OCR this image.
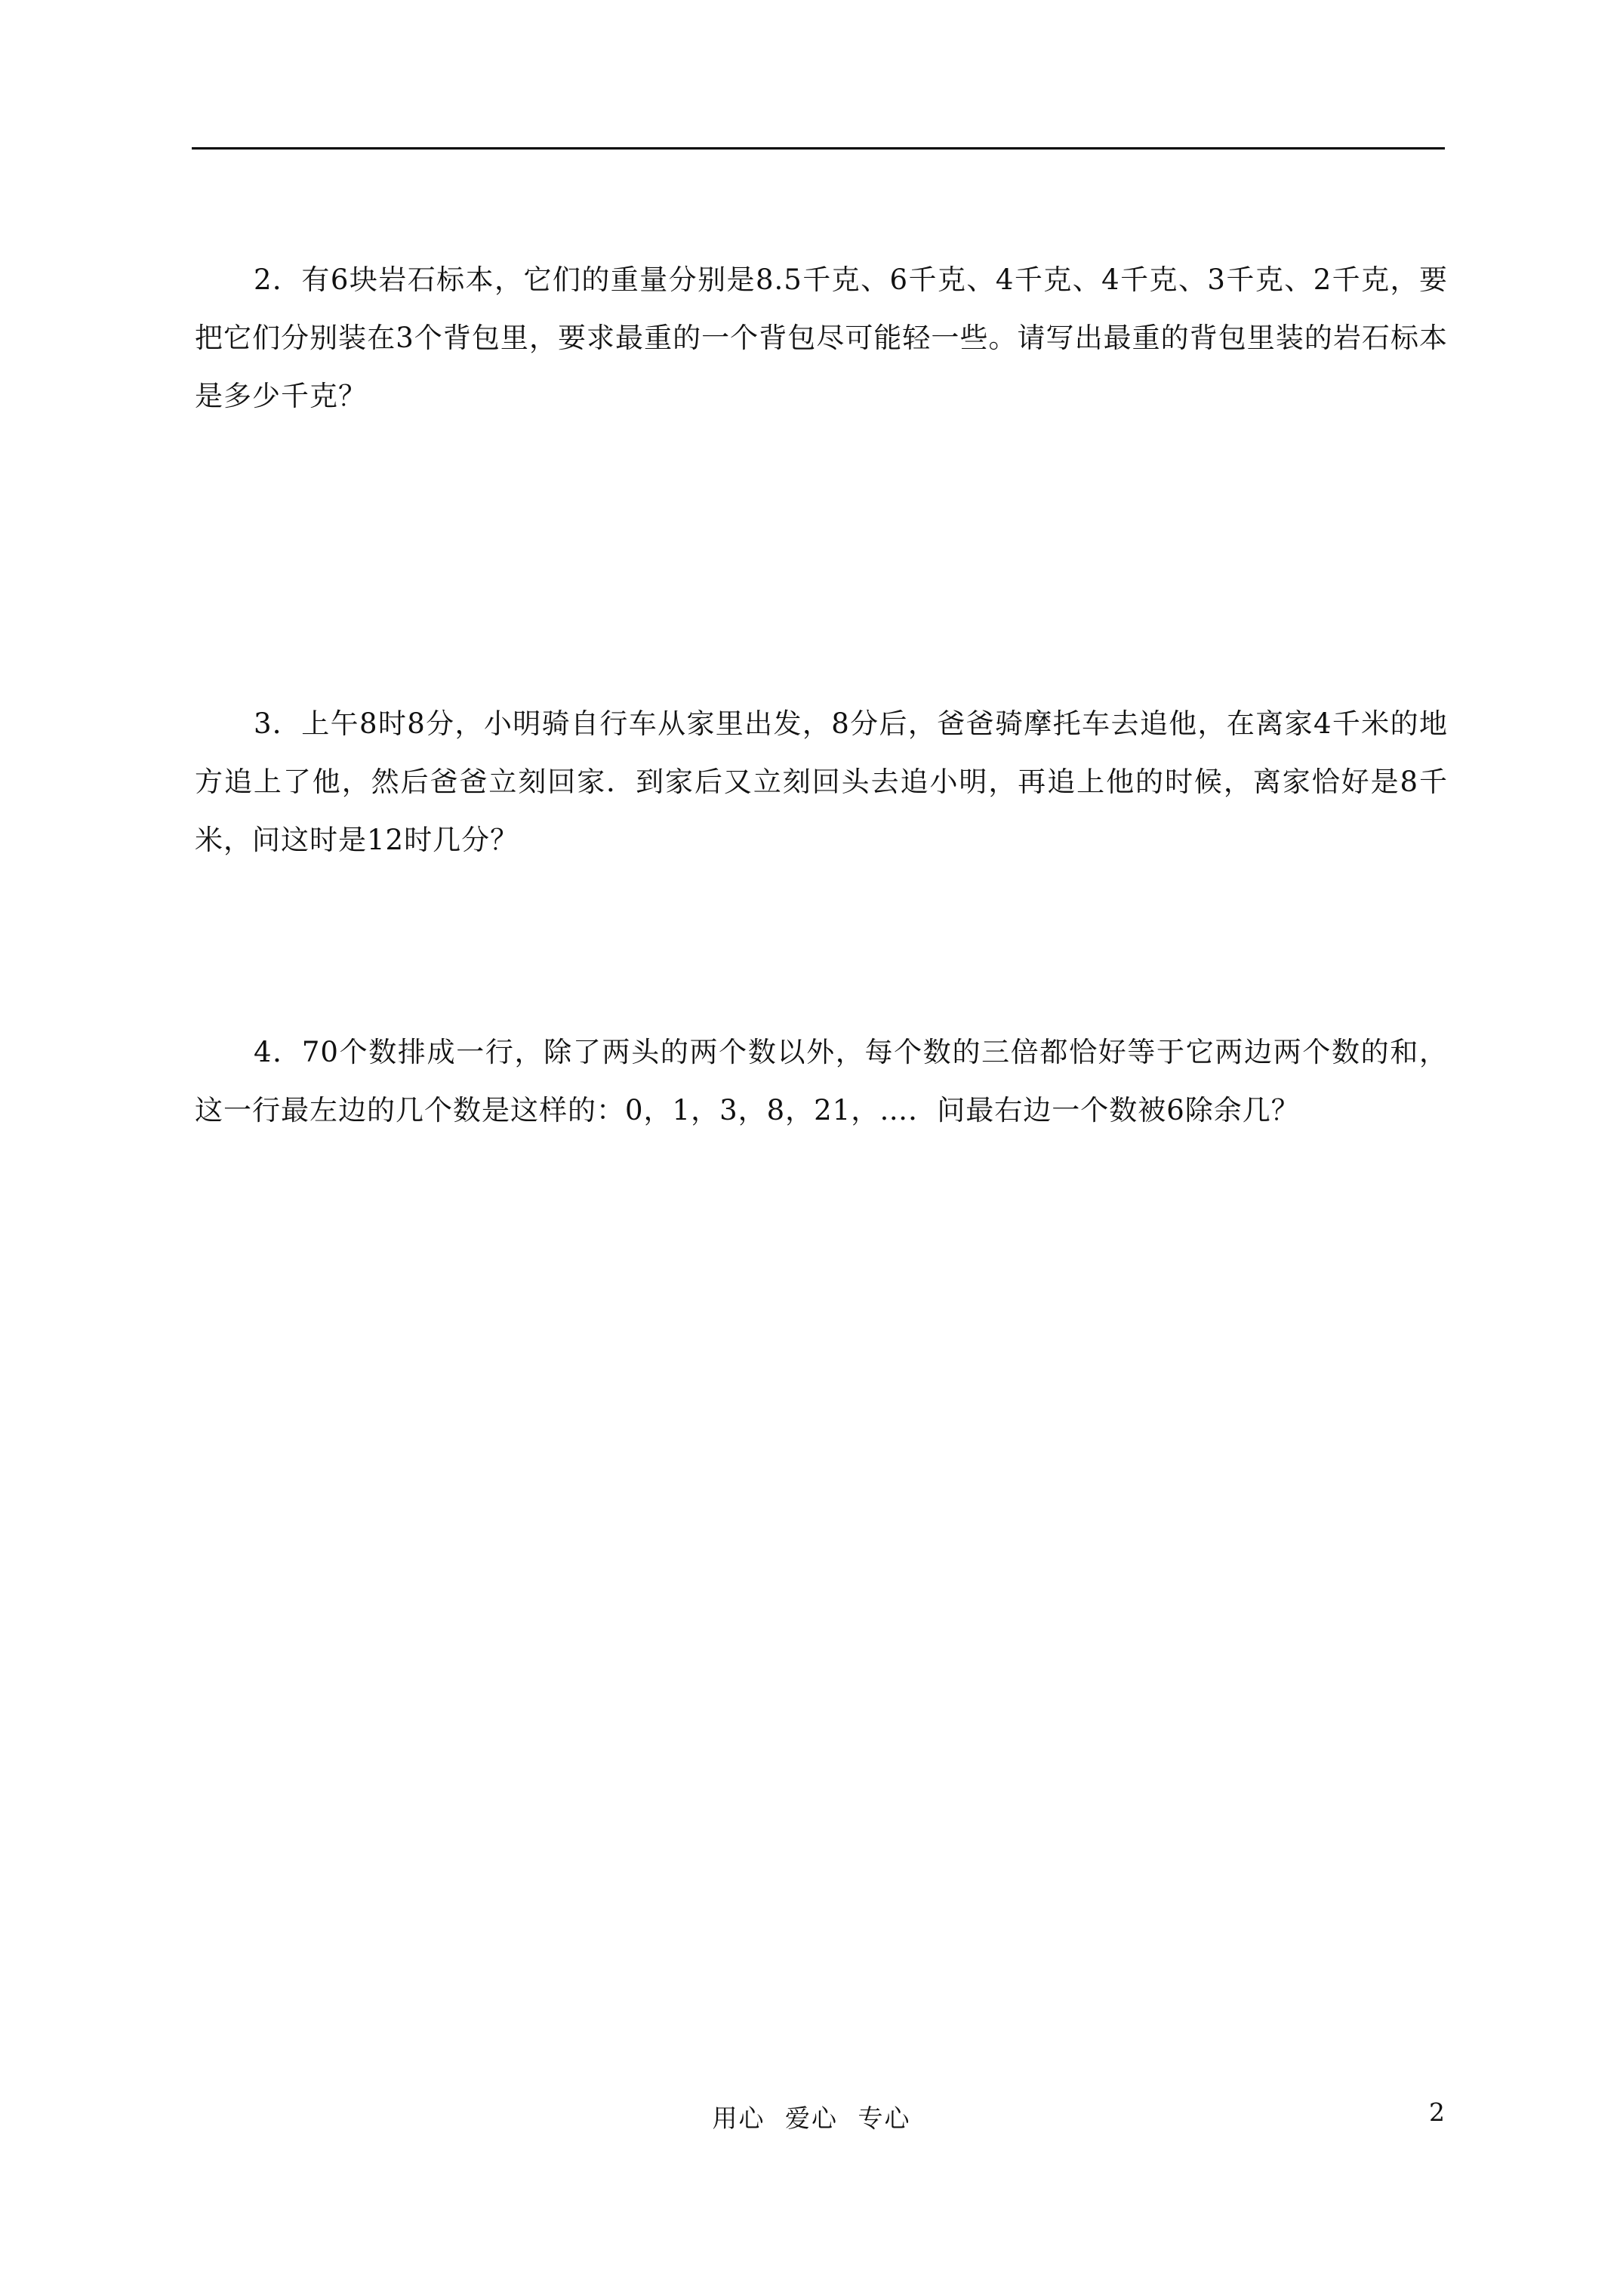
2．有6块岩石标本，它们的重量分别是8.5千克、6千克、4千克、4千克、3千克、2千克，要把它们分别装在3个背包里，要求最重的一个背包尽可能轻一些。请写出最重的背包里装的岩石标本是多少千克？

3．上午8时8分，小明骑自行车从家里出发，8分后，爸爸骑摩托车去追他，在离家4千米的地方追上了他，然后爸爸立刻回家．到家后又立刻回头去追小明，再追上他的时候，离家恰好是8千米，问这时是12时几分？

4．70个数排成一行，除了两头的两个数以外，每个数的三倍都恰好等于它两边两个数的和，这一行最左边的几个数是这样的：0，1，3，8，21，…．问最右边一个数被6除余几？

用心 爱心 专心	2
